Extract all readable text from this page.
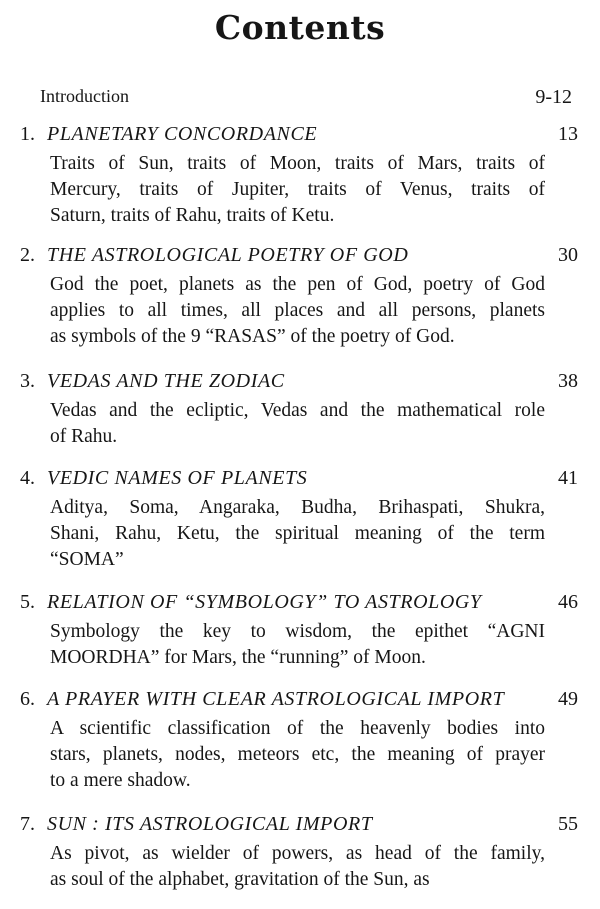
Contents
Introduction	9-12
1. PLANETARY CONCORDANCE	13
Traits of Sun, traits of Moon, traits of Mars, traits of
Mercury, traits of Jupiter, traits of Venus, traits of
Saturn, traits of Rahu, traits of Ketu.
2. THE ASTROLOGICAL POETRY OF GOD	30
God the poet, planets as the pen of God, poetry of God
applies to all times, all places and all persons, planets
as symbols of the 9 “RASAS” of the poetry of God.
3. VEDAS AND THE ZODIAC	38
Vedas and the ecliptic, Vedas and the mathematical role
of Rahu.
4. VEDIC NAMES OF PLANETS	41
Aditya, Soma, Angaraka, Budha, Brihaspati, Shukra,
Shani, Rahu, Ketu, the spiritual meaning of the term
“SOMA”
5. RELATION OF “SYMBOLOGY” TO ASTROLOGY	46
Symbology the key to wisdom, the epithet “AGNI
MOORDHA” for Mars, the “running” of Moon.
6. A PRAYER WITH CLEAR ASTROLOGICAL IMPORT	49
A scientific classification of the heavenly bodies into
stars, planets, nodes, meteors etc, the meaning of prayer
to a mere shadow.
7. SUN : ITS ASTROLOGICAL IMPORT	55
As pivot, as wielder of powers, as head of the family,
as soul of the alphabet, gravitation of the Sun, as
